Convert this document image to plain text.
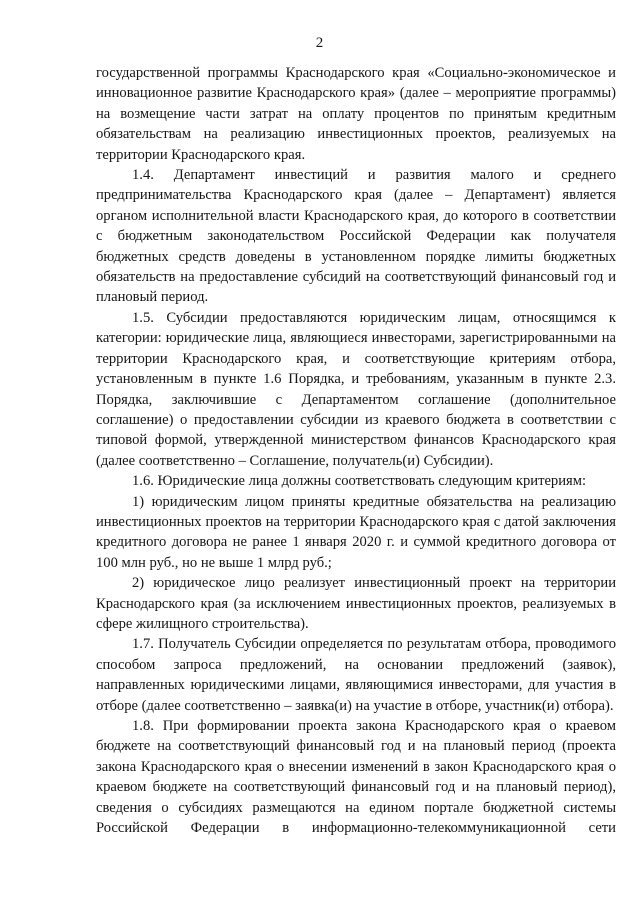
2

государственной программы Краснодарского края «Социально-экономическое и инновационное развитие Краснодарского края» (далее – мероприятие программы) на возмещение части затрат на оплату процентов по принятым кредитным обязательствам на реализацию инвестиционных проектов, реализуемых на территории Краснодарского края.

1.4. Департамент инвестиций и развития малого и среднего предпринимательства Краснодарского края (далее – Департамент) является органом исполнительной власти Краснодарского края, до которого в соответствии с бюджетным законодательством Российской Федерации как получателя бюджетных средств доведены в установленном порядке лимиты бюджетных обязательств на предоставление субсидий на соответствующий финансовый год и плановый период.

1.5. Субсидии предоставляются юридическим лицам, относящимся к категории: юридические лица, являющиеся инвесторами, зарегистрированными на территории Краснодарского края, и соответствующие критериям отбора, установленным в пункте 1.6 Порядка, и требованиям, указанным в пункте 2.3. Порядка, заключившие с Департаментом соглашение (дополнительное соглашение) о предоставлении субсидии из краевого бюджета в соответствии с типовой формой, утвержденной министерством финансов Краснодарского края (далее соответственно – Соглашение, получатель(и) Субсидии).

1.6. Юридические лица должны соответствовать следующим критериям:

1) юридическим лицом приняты кредитные обязательства на реализацию инвестиционных проектов на территории Краснодарского края с датой заключения кредитного договора не ранее 1 января 2020 г. и суммой кредитного договора от 100 млн руб., но не выше 1 млрд руб.;

2) юридическое лицо реализует инвестиционный проект на территории Краснодарского края (за исключением инвестиционных проектов, реализуемых в сфере жилищного строительства).

1.7. Получатель Субсидии определяется по результатам отбора, проводимого способом запроса предложений, на основании предложений (заявок), направленных юридическими лицами, являющимися инвесторами, для участия в отборе (далее соответственно – заявка(и) на участие в отборе, участник(и) отбора).

1.8. При формировании проекта закона Краснодарского края о краевом бюджете на соответствующий финансовый год и на плановый период (проекта закона Краснодарского края о внесении изменений в закон Краснодарского края о краевом бюджете на соответствующий финансовый год и на плановый период), сведения о субсидиях размещаются на едином портале бюджетной системы Российской Федерации в информационно-телекоммуникационной сети
